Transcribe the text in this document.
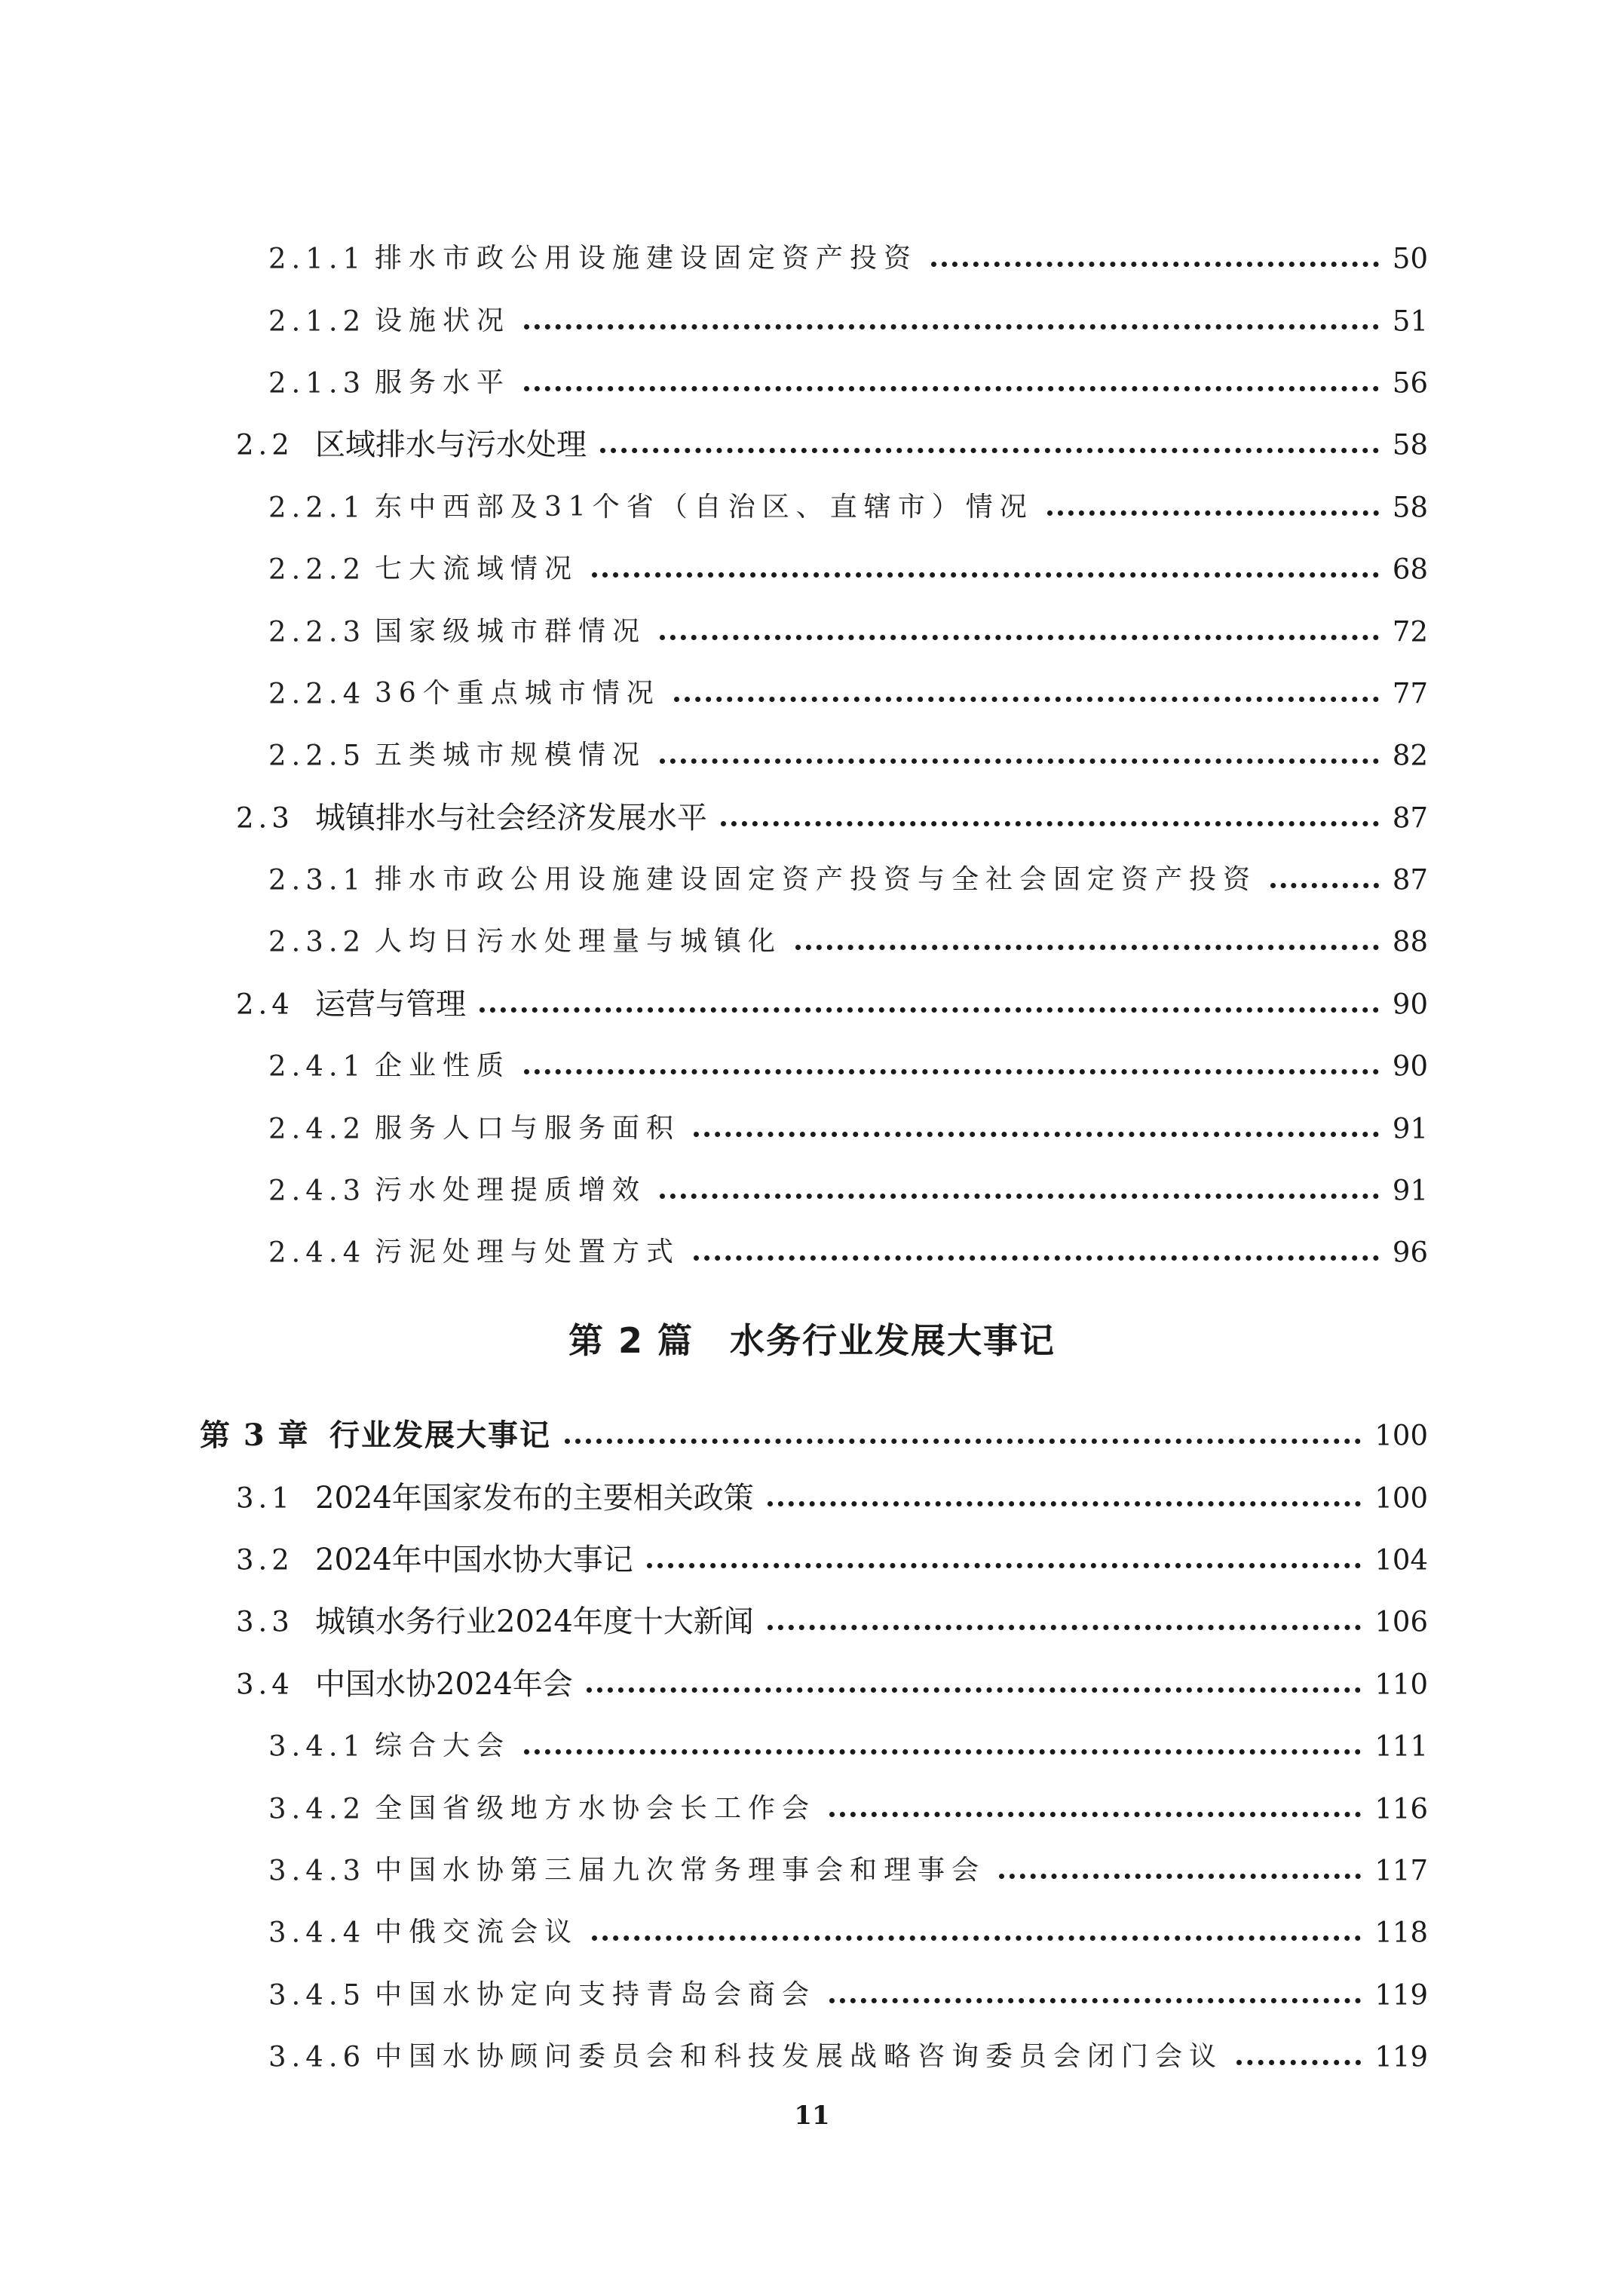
2.1.1 排水市政公用设施建设固定资产投资	50
2.1.2 设施状况	51
2.1.3 服务水平	56
2.2 区域排水与污水处理	58
2.2.1 东中西部及31个省（自治区、直辖市）情况	58
2.2.2 七大流域情况	68
2.2.3 国家级城市群情况	72
2.2.4 36个重点城市情况	77
2.2.5 五类城市规模情况	82
2.3 城镇排水与社会经济发展水平	87
2.3.1 排水市政公用设施建设固定资产投资与全社会固定资产投资	87
2.3.2 人均日污水处理量与城镇化	88
2.4 运营与管理	90
2.4.1 企业性质	90
2.4.2 服务人口与服务面积	91
2.4.3 污水处理提质增效	91
2.4.4 污泥处理与处置方式	96
第 2 篇　水务行业发展大事记
第 3 章 行业发展大事记	100
3.1 2024年国家发布的主要相关政策	100
3.2 2024年中国水协大事记	104
3.3 城镇水务行业2024年度十大新闻	106
3.4 中国水协2024年会	110
3.4.1 综合大会	111
3.4.2 全国省级地方水协会长工作会	116
3.4.3 中国水协第三届九次常务理事会和理事会	117
3.4.4 中俄交流会议	118
3.4.5 中国水协定向支持青岛会商会	119
3.4.6 中国水协顾问委员会和科技发展战略咨询委员会闭门会议	119
11
